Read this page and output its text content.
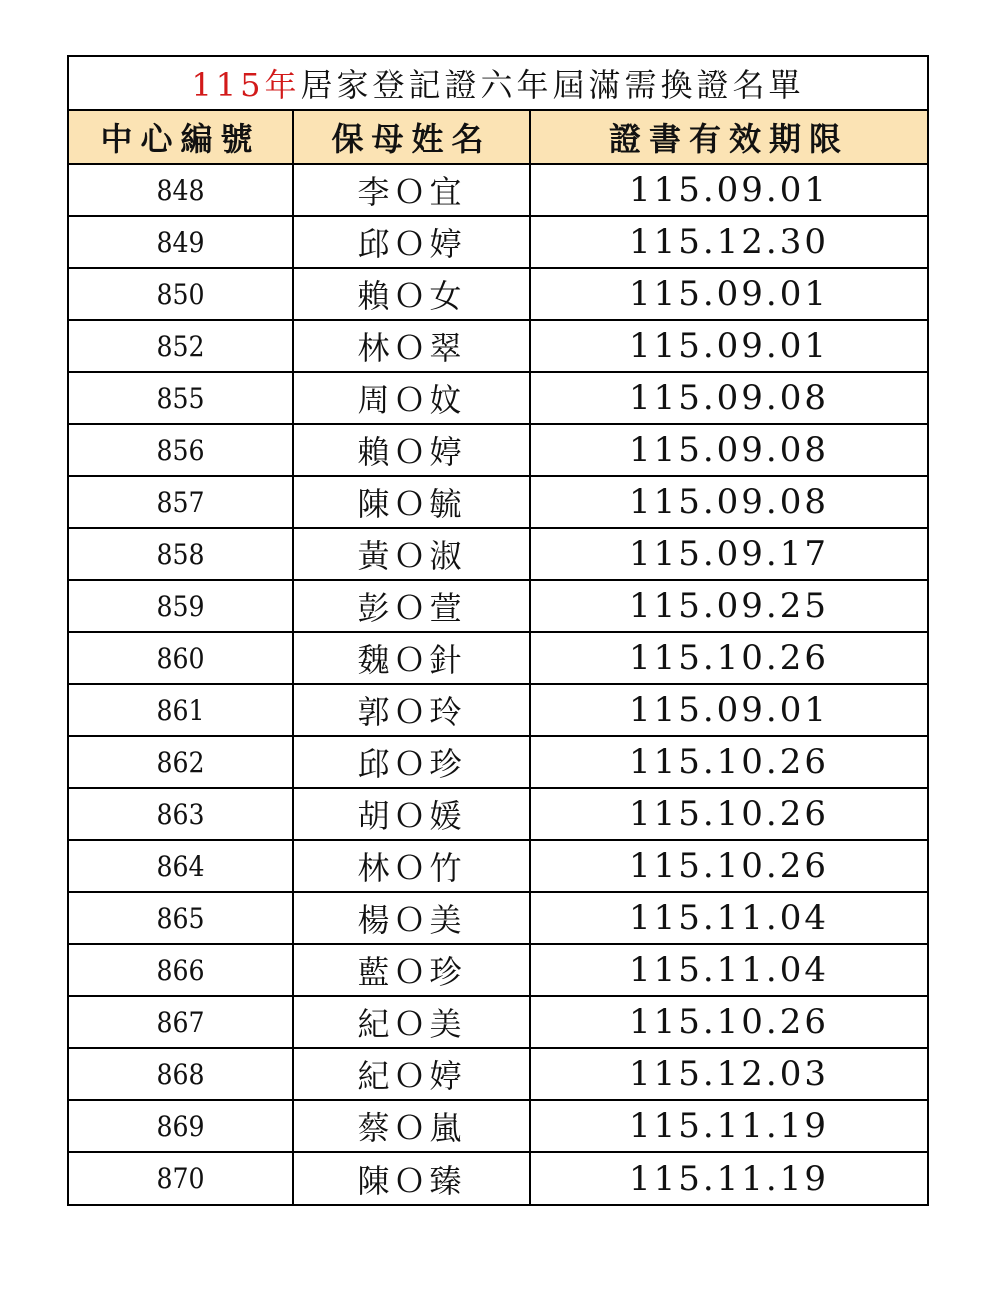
115年 居家登記證六年屆滿需換證名單
中心編號	保母姓名	證書有效期限
848	李Ｏ宜	115.09.01
849	邱Ｏ婷	115.12.30
850	賴Ｏ女	115.09.01
852	林Ｏ翠	115.09.01
855	周Ｏ妏	115.09.08
856	賴Ｏ婷	115.09.08
857	陳Ｏ毓	115.09.08
858	黃Ｏ淑	115.09.17
859	彭Ｏ萱	115.09.25
860	魏Ｏ針	115.10.26
861	郭Ｏ玲	115.09.01
862	邱Ｏ珍	115.10.26
863	胡Ｏ媛	115.10.26
864	林Ｏ竹	115.10.26
865	楊Ｏ美	115.11.04
866	藍Ｏ珍	115.11.04
867	紀Ｏ美	115.10.26
868	紀Ｏ婷	115.12.03
869	蔡Ｏ嵐	115.11.19
870	陳Ｏ臻	115.11.19
